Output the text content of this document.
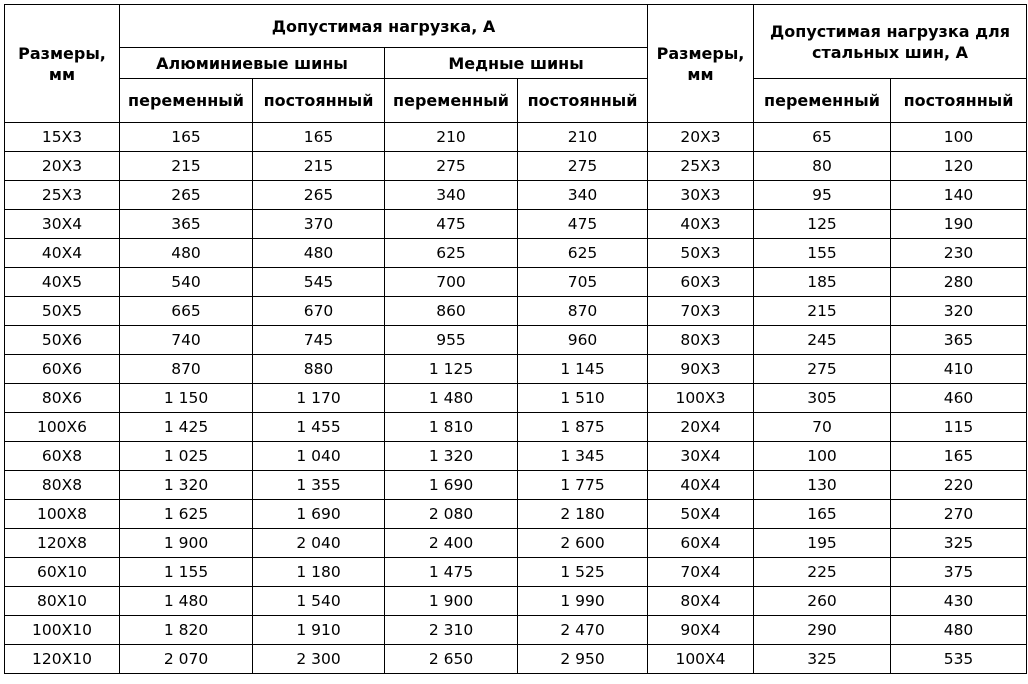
Размеры, мм	Допустимая нагрузка, А				Размеры, мм	Допустимая нагрузка для стальных шин, А	
	Алюминиевые шины		Медные шины				
	переменный	постоянный	переменный	постоянный		переменный	постоянный
15Х3	165	165	210	210	20Х3	65	100
20Х3	215	215	275	275	25Х3	80	120
25Х3	265	265	340	340	30Х3	95	140
30Х4	365	370	475	475	40Х3	125	190
40Х4	480	480	625	625	50Х3	155	230
40Х5	540	545	700	705	60Х3	185	280
50Х5	665	670	860	870	70Х3	215	320
50Х6	740	745	955	960	80Х3	245	365
60Х6	870	880	1 125	1 145	90Х3	275	410
80Х6	1 150	1 170	1 480	1 510	100Х3	305	460
100Х6	1 425	1 455	1 810	1 875	20Х4	70	115
60Х8	1 025	1 040	1 320	1 345	30Х4	100	165
80Х8	1 320	1 355	1 690	1 775	40Х4	130	220
100Х8	1 625	1 690	2 080	2 180	50Х4	165	270
120Х8	1 900	2 040	2 400	2 600	60Х4	195	325
60Х10	1 155	1 180	1 475	1 525	70Х4	225	375
80Х10	1 480	1 540	1 900	1 990	80Х4	260	430
100Х10	1 820	1 910	2 310	2 470	90Х4	290	480
120Х10	2 070	2 300	2 650	2 950	100Х4	325	535
